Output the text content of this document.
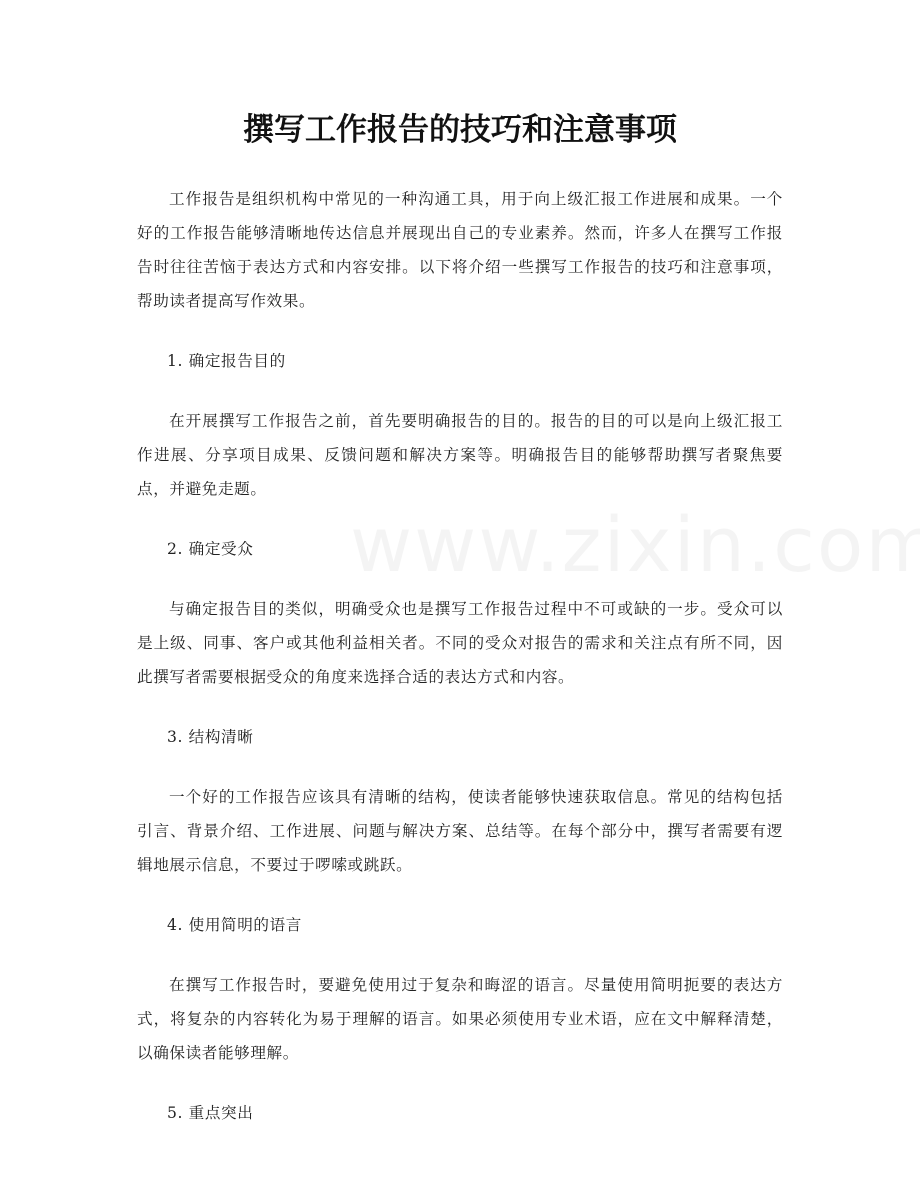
撰写工作报告的技巧和注意事项

工作报告是组织机构中常见的一种沟通工具，用于向上级汇报工作进展和成果。一个好的工作报告能够清晰地传达信息并展现出自己的专业素养。然而，许多人在撰写工作报告时往往苦恼于表达方式和内容安排。以下将介绍一些撰写工作报告的技巧和注意事项，帮助读者提高写作效果。

1. 确定报告目的

在开展撰写工作报告之前，首先要明确报告的目的。报告的目的可以是向上级汇报工作进展、分享项目成果、反馈问题和解决方案等。明确报告目的能够帮助撰写者聚焦要点，并避免走题。

2. 确定受众

与确定报告目的类似，明确受众也是撰写工作报告过程中不可或缺的一步。受众可以是上级、同事、客户或其他利益相关者。不同的受众对报告的需求和关注点有所不同，因此撰写者需要根据受众的角度来选择合适的表达方式和内容。

3. 结构清晰

一个好的工作报告应该具有清晰的结构，使读者能够快速获取信息。常见的结构包括引言、背景介绍、工作进展、问题与解决方案、总结等。在每个部分中，撰写者需要有逻辑地展示信息，不要过于啰嗦或跳跃。

4. 使用简明的语言

在撰写工作报告时，要避免使用过于复杂和晦涩的语言。尽量使用简明扼要的表达方式，将复杂的内容转化为易于理解的语言。如果必须使用专业术语，应在文中解释清楚，以确保读者能够理解。

5. 重点突出
